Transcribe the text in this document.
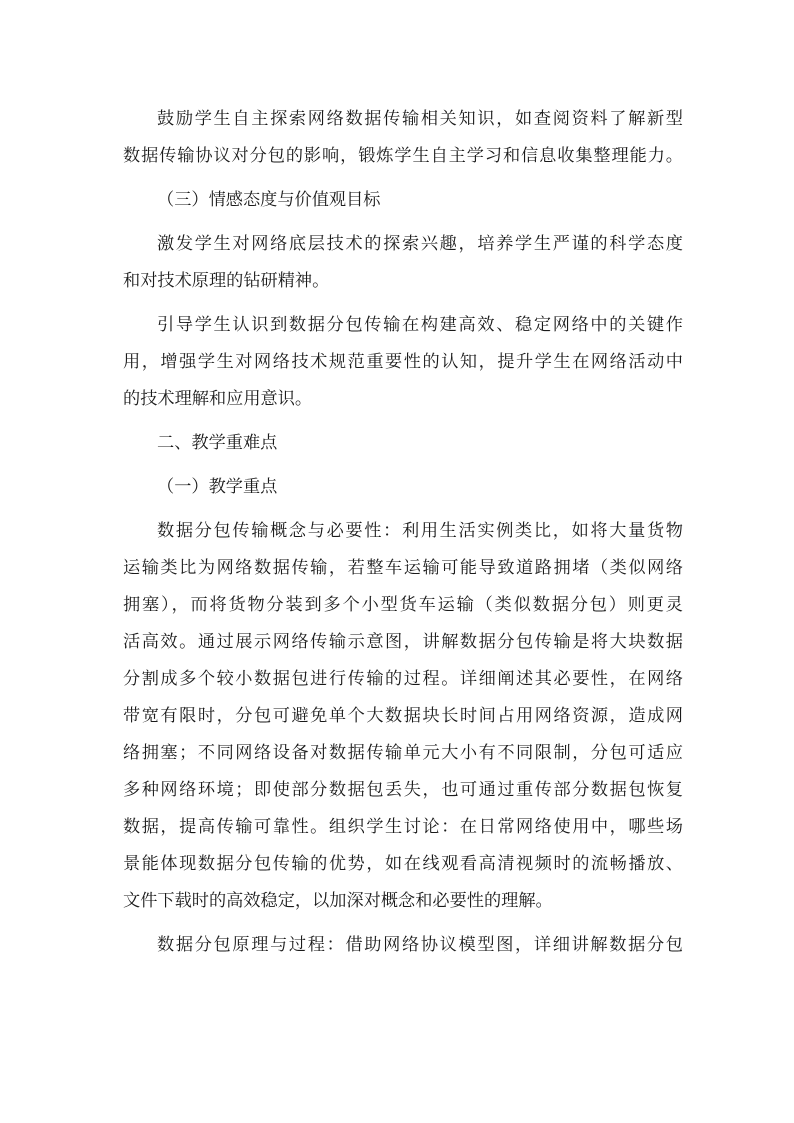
鼓励学生自主探索网络数据传输相关知识，如查阅资料了解新型
数据传输协议对分包的影响，锻炼学生自主学习和信息收集整理能力。
（三）情感态度与价值观目标
激发学生对网络底层技术的探索兴趣，培养学生严谨的科学态度
和对技术原理的钻研精神。
引导学生认识到数据分包传输在构建高效、稳定网络中的关键作
用，增强学生对网络技术规范重要性的认知，提升学生在网络活动中
的技术理解和应用意识。
二、教学重难点
（一）教学重点
数据分包传输概念与必要性：利用生活实例类比，如将大量货物
运输类比为网络数据传输，若整车运输可能导致道路拥堵（类似网络
拥塞），而将货物分装到多个小型货车运输（类似数据分包）则更灵
活高效。通过展示网络传输示意图，讲解数据分包传输是将大块数据
分割成多个较小数据包进行传输的过程。详细阐述其必要性，在网络
带宽有限时，分包可避免单个大数据块长时间占用网络资源，造成网
络拥塞；不同网络设备对数据传输单元大小有不同限制，分包可适应
多种网络环境；即使部分数据包丢失，也可通过重传部分数据包恢复
数据，提高传输可靠性。组织学生讨论：在日常网络使用中，哪些场
景能体现数据分包传输的优势，如在线观看高清视频时的流畅播放、
文件下载时的高效稳定，以加深对概念和必要性的理解。
数据分包原理与过程：借助网络协议模型图，详细讲解数据分包
